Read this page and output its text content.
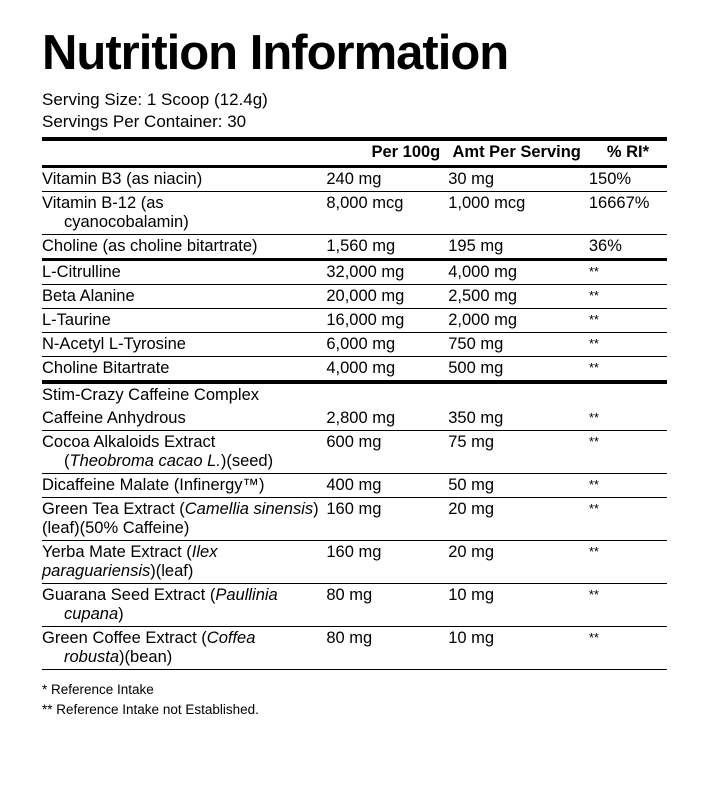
Nutrition Information
Serving Size: 1 Scoop (12.4g)
Servings Per Container: 30
	Per 100g	Amt Per Serving	% RI*
Vitamin B3 (as niacin)	240 mg	30 mg	150%
Vitamin B-12 (as

cyanocobalamin)	8,000 mcg	1,000 mcg	16667%
Choline (as choline bitartrate)	1,560 mg	195 mg	36%
L-Citrulline	32,000 mg	4,000 mg	**
Beta Alanine	20,000 mg	2,500 mg	**
L-Taurine	16,000 mg	2,000 mg	**
N-Acetyl L-Tyrosine	6,000 mg	750 mg	**
Choline Bitartrate	4,000 mg	500 mg	**
Stim-Crazy Caffeine Complex			
Caffeine Anhydrous	2,800 mg	350 mg	**
Cocoa Alkaloids Extract

(Theobroma cacao L.)(seed)	600 mg	75 mg	**
Dicaffeine Malate (Infinergy™)	400 mg	50 mg	**
Green Tea Extract (Camellia sinensis)(leaf)(50% Caffeine)	160 mg	20 mg	**
Yerba Mate Extract (Ilex paraguariensis)(leaf)	160 mg	20 mg	**
Guarana Seed Extract (Paullinia
cupana)	80 mg	10 mg	**
Green Coffee Extract (Coffea
robusta)(bean)	80 mg	10 mg	**
* Reference Intake
** Reference Intake not Established.
